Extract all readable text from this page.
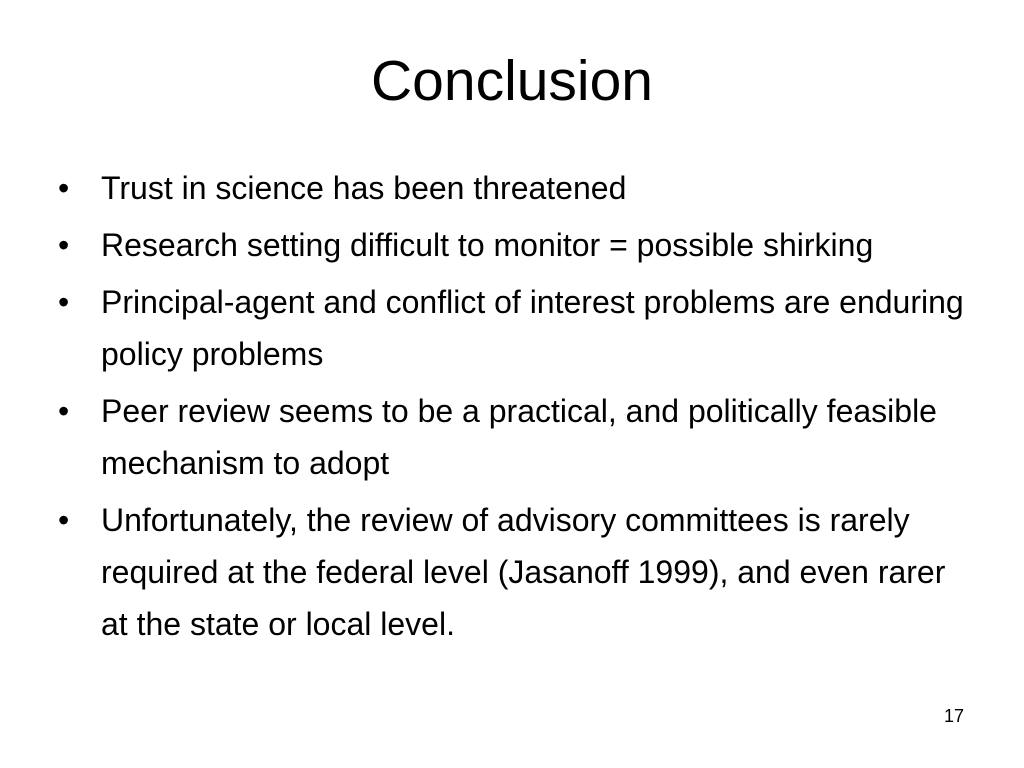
Conclusion
• Trust in science has been threatened
• Research setting difficult to monitor = possible shirking
• Principal-agent and conflict of interest problems are enduring policy problems
• Peer review seems to be a practical, and politically feasible mechanism to adopt
• Unfortunately, the review of advisory committees is rarely required at the federal level (Jasanoff 1999), and even rarer at the state or local level.
17
